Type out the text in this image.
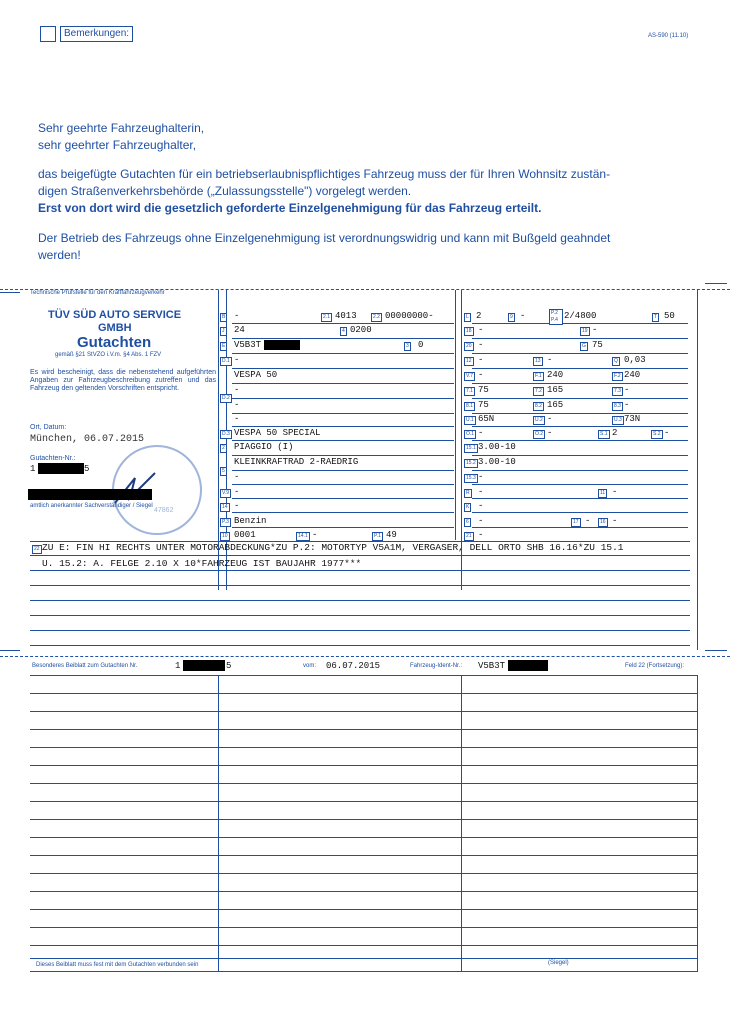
Bemerkungen:	AS-590 (11.10)
Sehr geehrte Fahrzeughalterin,
sehr geehrter Fahrzeughalter,
das beigefügte Gutachten für ein betriebserlaubnispflichtiges Fahrzeug muss der für Ihren Wohnsitz zustän-
digen Straßenverkehrsbehörde („Zulassungsstelle") vorgelegt werden.
Erst von dort wird die gesetzlich geforderte Einzelgenehmigung für das Fahrzeug erteilt.
Der Betrieb des Fahrzeugs ohne Einzelgenehmigung ist verordnungswidrig und kann mit Bußgeld geahndet
werden!
Technische Prüfstelle für den Kraftfahrzeugverkehr
TÜV SÜD AUTO SERVICE
GMBH
Gutachten
gemäß §21 StVZO i.V.m. §4 Abs. 1 FZV
Es wird bescheinigt, dass die nebenstehend aufgeführten Angaben zur Fahrzeugbeschreibung zutreffen und das Fahrzeug den geltenden Vorschriften entspricht.
Ort, Datum:
München, 06.07.2015
Gutachten-Nr.:
1	5
47862
amtlich anerkannter Sachverständiger / Siegel
B -	2.1 4013	2.2 00000000-
J 24	4 0200
E V5B3T	3 0
D.1 -
VESPA 50
-
D.2
-
-
D.3 VESPA 50 SPECIAL
2 PIAGGIO (I)
KLEINKRAFTRAD 2-RAEDRIG
5
-
V.9 -
14 -
P.3 Benzin
10 0001	14.1 -	P.1 49
L 2	9 -	P.2 P.4 2/4800	T 50
18 -	19 -
20 -	G 75
12 -	13 -	Q 0,03
V.7 -	F.1 240	F.2 240
7.1 75	7.2 165	7.3 -
8.1 75	8.2 165	8.3 -
U.1 65N	U.2 -	U.3 73N
O.1 -	O.2 -	S.1 2	S.2 -
15.1 3.00-10
15.2 3.00-10
15.3 -
R -	11 -
K -
6 -	17 -	16 -
21 -
22 ZU E: FIN HI RECHTS UNTER MOTORABDECKUNG*ZU P.2: MOTORTYP V5A1M, VERGASER, DELL ORTO SHB 16.16*ZU 15.1
U. 15.2: A. FELGE 2.10 X 10*FAHRZEUG IST BAUJAHR 1977***
Besonderes Beiblatt zum Gutachten Nr.	1	5	vom: 06.07.2015	Fahrzeug-Ident-Nr.: V5B3T	Feld 22 (Fortsetzung):
Dieses Beiblatt muss fest mit dem Gutachten verbunden sein	(Siegel)
